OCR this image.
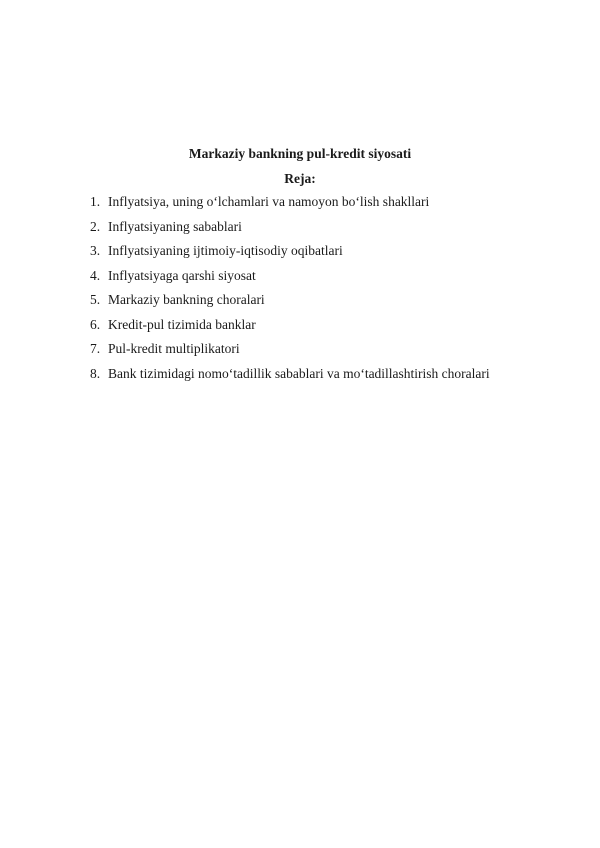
Markaziy bankning pul-kredit siyosati
Reja:
1. Inflyatsiya, uning o‘lchamlari va namoyon bo‘lish shakllari
2. Inflyatsiyaning sabablari
3. Inflyatsiyaning ijtimoiy-iqtisodiy oqibatlari
4. Inflyatsiyaga qarshi siyosat
5. Markaziy bankning choralari
6. Kredit-pul tizimida banklar
7. Pul-kredit multiplikatori
8. Bank tizimidagi nomo‘tadillik sabablari va mo‘tadillashtirish choralari
